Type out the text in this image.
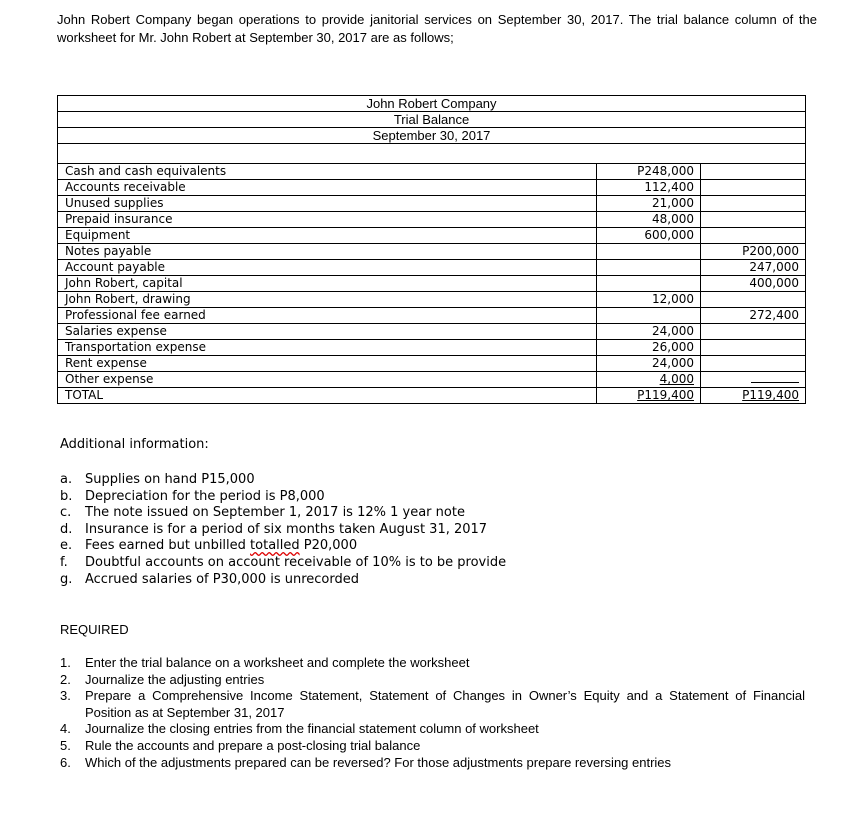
John Robert Company began operations to provide janitorial services on September 30, 2017. The trial balance column of the worksheet for Mr. John Robert at September 30, 2017 are as follows;
John Robert Company		
Trial Balance		
September 30, 2017		

Cash and cash equivalents	P248,000	
Accounts receivable	112,400	
Unused supplies	21,000	
Prepaid insurance	48,000	
Equipment	600,000	
Notes payable		P200,000
Account payable		247,000
John Robert, capital		400,000
John Robert, drawing	12,000	
Professional fee earned		272,400
Salaries expense	24,000	
Transportation expense	26,000	
Rent expense	24,000	
Other expense	4,000	
TOTAL	P119,400	P119,400
Additional information:
a. Supplies on hand P15,000
b. Depreciation for the period is P8,000
c.	The note issued on September 1, 2017 is 12% 1 year note
d. Insurance is for a period of six months taken August 31, 2017
e. Fees earned but unbilled totalled P20,000
f.	Doubtful accounts on account receivable of 10% is to be provide
g. Accrued salaries of P30,000 is unrecorded
REQUIRED
1.	Enter the trial balance on a worksheet and complete the worksheet
2.	Journalize the adjusting entries
3.	Prepare a Comprehensive Income Statement, Statement of Changes in Owner’s Equity and a Statement of Financial Position as at September 31, 2017
4.	Journalize the closing entries from the financial statement column of worksheet
5.	Rule the accounts and prepare a post-closing trial balance
6.	Which of the adjustments prepared can be reversed? For those adjustments prepare reversing entries
